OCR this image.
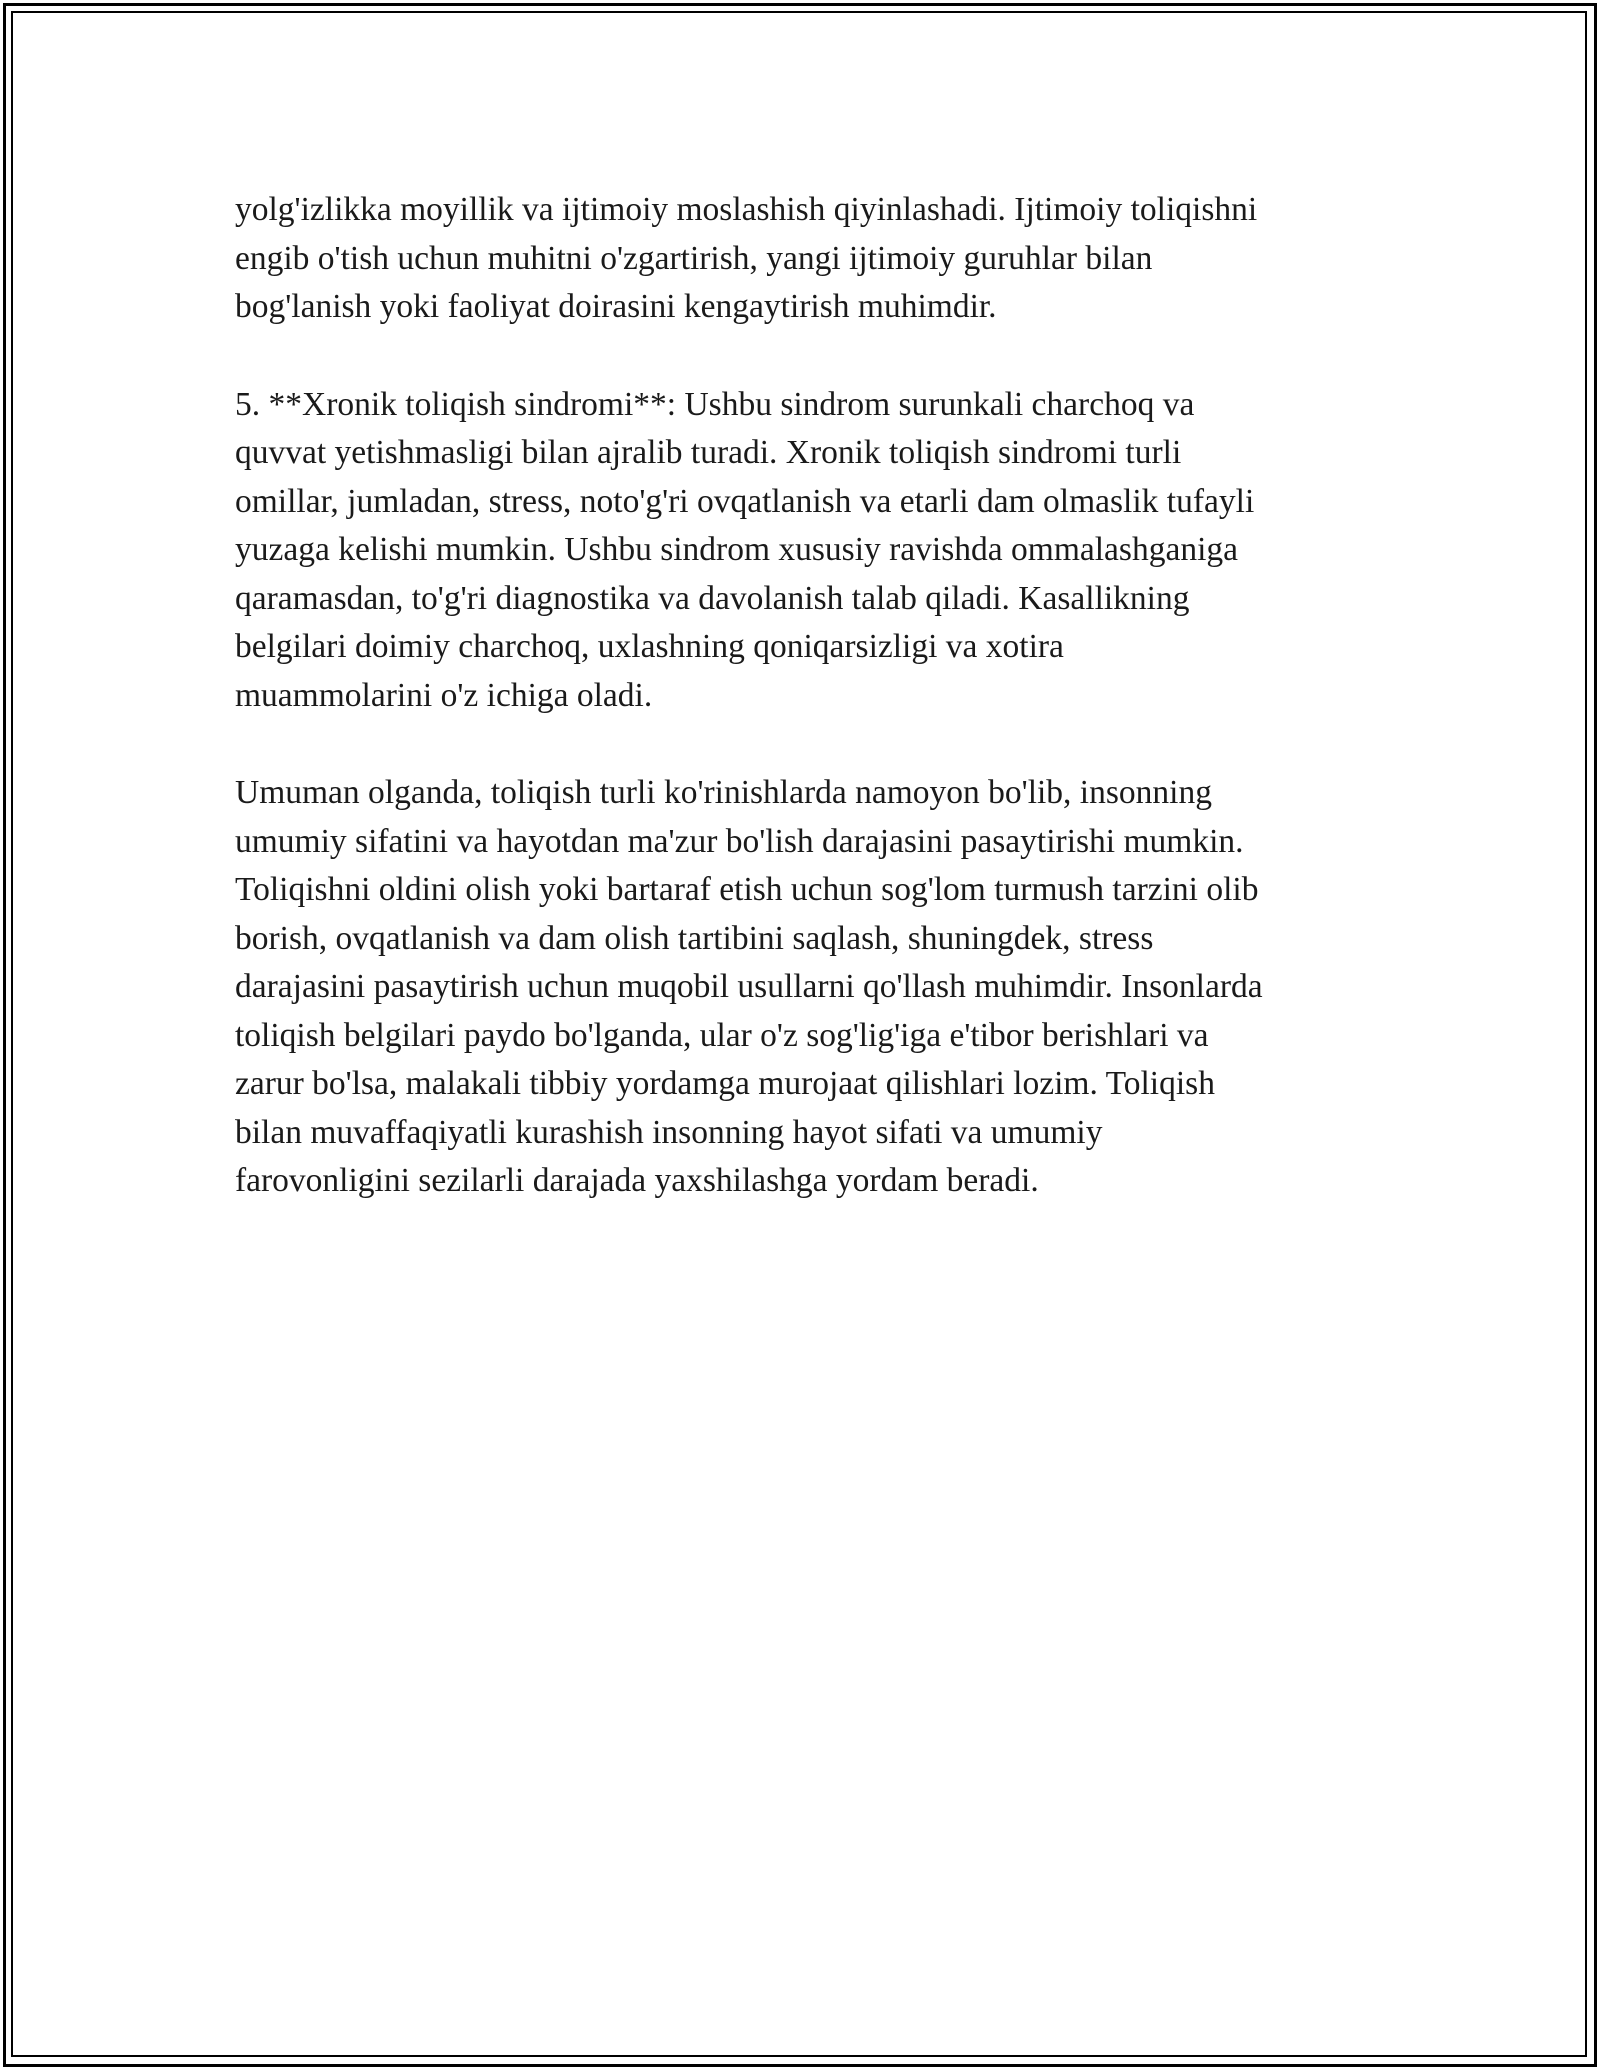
yolg'izlikka moyillik va ijtimoiy moslashish qiyinlashadi. Ijtimoiy toliqishni
engib o'tish uchun muhitni o'zgartirish, yangi ijtimoiy guruhlar bilan
bog'lanish yoki faoliyat doirasini kengaytirish muhimdir.

5. **Xronik toliqish sindromi**: Ushbu sindrom surunkali charchoq va
quvvat yetishmasligi bilan ajralib turadi. Xronik toliqish sindromi turli
omillar, jumladan, stress, noto'g'ri ovqatlanish va etarli dam olmaslik tufayli
yuzaga kelishi mumkin. Ushbu sindrom xususiy ravishda ommalashganiga
qaramasdan, to'g'ri diagnostika va davolanish talab qiladi. Kasallikning
belgilari doimiy charchoq, uxlashning qoniqarsizligi va xotira
muammolarini o'z ichiga oladi.

Umuman olganda, toliqish turli ko'rinishlarda namoyon bo'lib, insonning
umumiy sifatini va hayotdan ma'zur bo'lish darajasini pasaytirishi mumkin.
Toliqishni oldini olish yoki bartaraf etish uchun sog'lom turmush tarzini olib
borish, ovqatlanish va dam olish tartibini saqlash, shuningdek, stress
darajasini pasaytirish uchun muqobil usullarni qo'llash muhimdir. Insonlarda
toliqish belgilari paydo bo'lganda, ular o'z sog'lig'iga e'tibor berishlari va
zarur bo'lsa, malakali tibbiy yordamga murojaat qilishlari lozim. Toliqish
bilan muvaffaqiyatli kurashish insonning hayot sifati va umumiy
farovonligini sezilarli darajada yaxshilashga yordam beradi.
